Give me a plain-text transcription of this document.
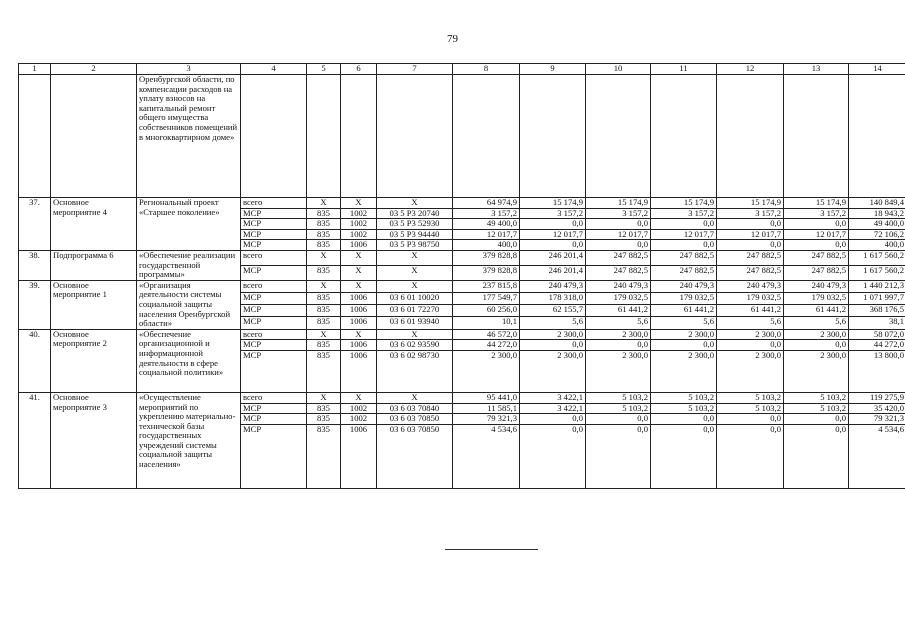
79
1	2	3	4	5	6	7	8	9	10	11	12	13	14
		Оренбургской области, по компенсации расходов на уплату взносов на капитальный ремонт общего имущества собственников помещений в многоквартирном доме»											
37.	Основное мероприятие 4	Региональный проект «Старшее поколение»	всего	X	X	X	64 974,9	15 174,9	15 174,9	15 174,9	15 174,9	15 174,9	140 849,4
			МСР	835	1002	03 5 P3 20740	3 157,2	3 157,2	3 157,2	3 157,2	3 157,2	3 157,2	18 943,2
			МСР	835	1002	03 5 P3 52930	49 400,0	0,0	0,0	0,0	0,0	0,0	49 400,0
			МСР	835	1002	03 5 P3 94440	12 017,7	12 017,7	12 017,7	12 017,7	12 017,7	12 017,7	72 106,2
			МСР	835	1006	03 5 P3 98750	400,0	0,0	0,0	0,0	0,0	0,0	400,0
38.	Подпрограмма 6	«Обеспечение реализации государственной программы»	всего	X	X	X	379 828,8	246 201,4	247 882,5	247 882,5	247 882,5	247 882,5	1 617 560,2
			МСР	835	X	X	379 828,8	246 201,4	247 882,5	247 882,5	247 882,5	247 882,5	1 617 560,2
39.	Основное мероприятие 1	«Организация деятельности системы социальной защиты населения Оренбургской области»	всего	X	X	X	237 815,8	240 479,3	240 479,3	240 479,3	240 479,3	240 479,3	1 440 212,3
			МСР	835	1006	03 6 01 10020	177 549,7	178 318,0	179 032,5	179 032,5	179 032,5	179 032,5	1 071 997,7
			МСР	835	1006	03 6 01 72270	60 256,0	62 155,7	61 441,2	61 441,2	61 441,2	61 441,2	368 176,5
			МСР	835	1006	03 6 01 93940	10,1	5,6	5,6	5,6	5,6	5,6	38,1
40.	Основное мероприятие 2	«Обеспечение организационной и информационной деятельности в сфере социальной политики»	всего	X	X	X	46 572,0	2 300,0	2 300,0	2 300,0	2 300,0	2 300,0	58 072,0
			МСР	835	1006	03 6 02 93590	44 272,0	0,0	0,0	0,0	0,0	0,0	44 272,0
			МСР	835	1006	03 6 02 98730	2 300,0	2 300,0	2 300,0	2 300,0	2 300,0	2 300,0	13 800,0
41.	Основное мероприятие 3	«Осуществление мероприятий по укреплению материально-технической базы государственных учреждений системы социальной защиты населения»	всего	X	X	X	95 441,0	3 422,1	5 103,2	5 103,2	5 103,2	5 103,2	119 275,9
			МСР	835	1002	03 6 03 70840	11 585,1	3 422,1	5 103,2	5 103,2	5 103,2	5 103,2	35 420,0
			МСР	835	1002	03 6 03 70850	79 321,3	0,0	0,0	0,0	0,0	0,0	79 321,3
			МСР	835	1006	03 6 03 70850	4 534,6	0,0	0,0	0,0	0,0	0,0	4 534,6
